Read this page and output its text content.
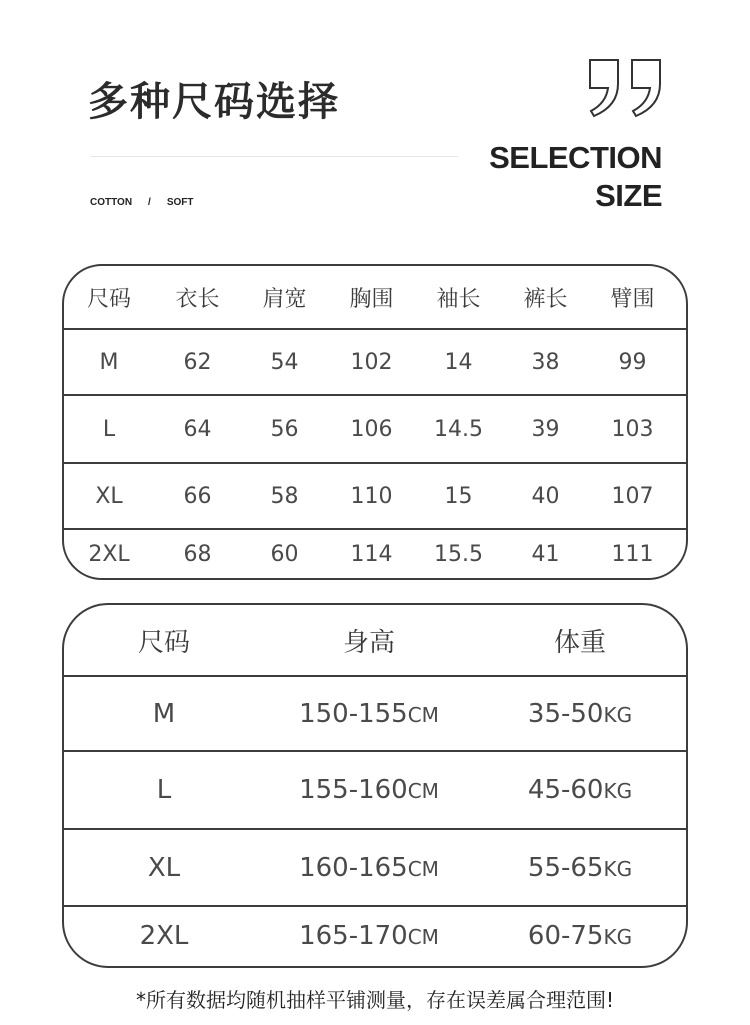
多种尺码选择
COTTON / SOFT
SELECTION
SIZE
尺码	衣长	肩宽	胸围	袖长	裤长	臂围
M	62	54	102	14	38	99
L	64	56	106	14.5	39	103
XL	66	58	110	15	40	107
2XL	68	60	114	15.5	41	111
尺码	身高	体重
M	150-155CM	35-50KG
L	155-160CM	45-60KG
XL	160-165CM	55-65KG
2XL	165-170CM	60-75KG
*所有数据均随机抽样平铺测量，存在误差属合理范围!
